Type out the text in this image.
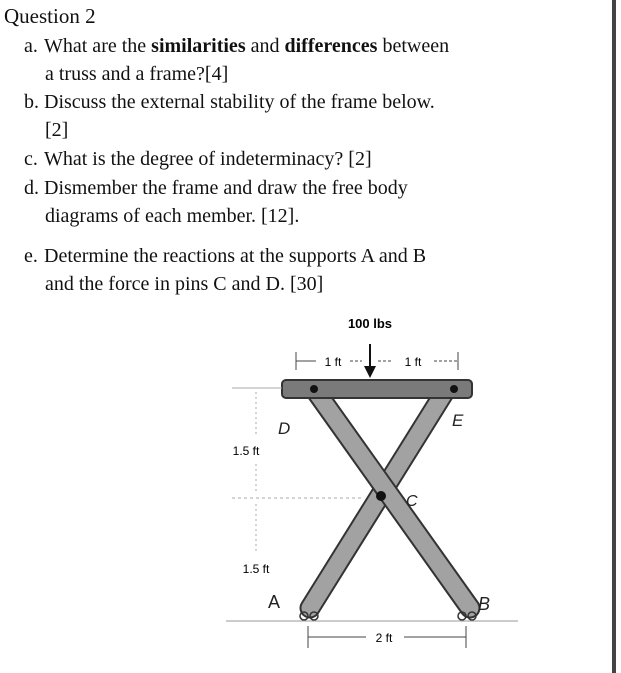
Question 2
a. What are the similarities and differences between
a truss and a frame?[4]
b. Discuss the external stability of the frame below.
[2]
c. What is the degree of indeterminacy? [2]
d. Dismember the frame and draw the free body
diagrams of each member. [12].
e. Determine the reactions at the supports A and B
and the force in pins C and D. [30]
100 lbs
1 ft	1 ft
1.5 ft
1.5 ft
2 ft
A	B
C
D	E
